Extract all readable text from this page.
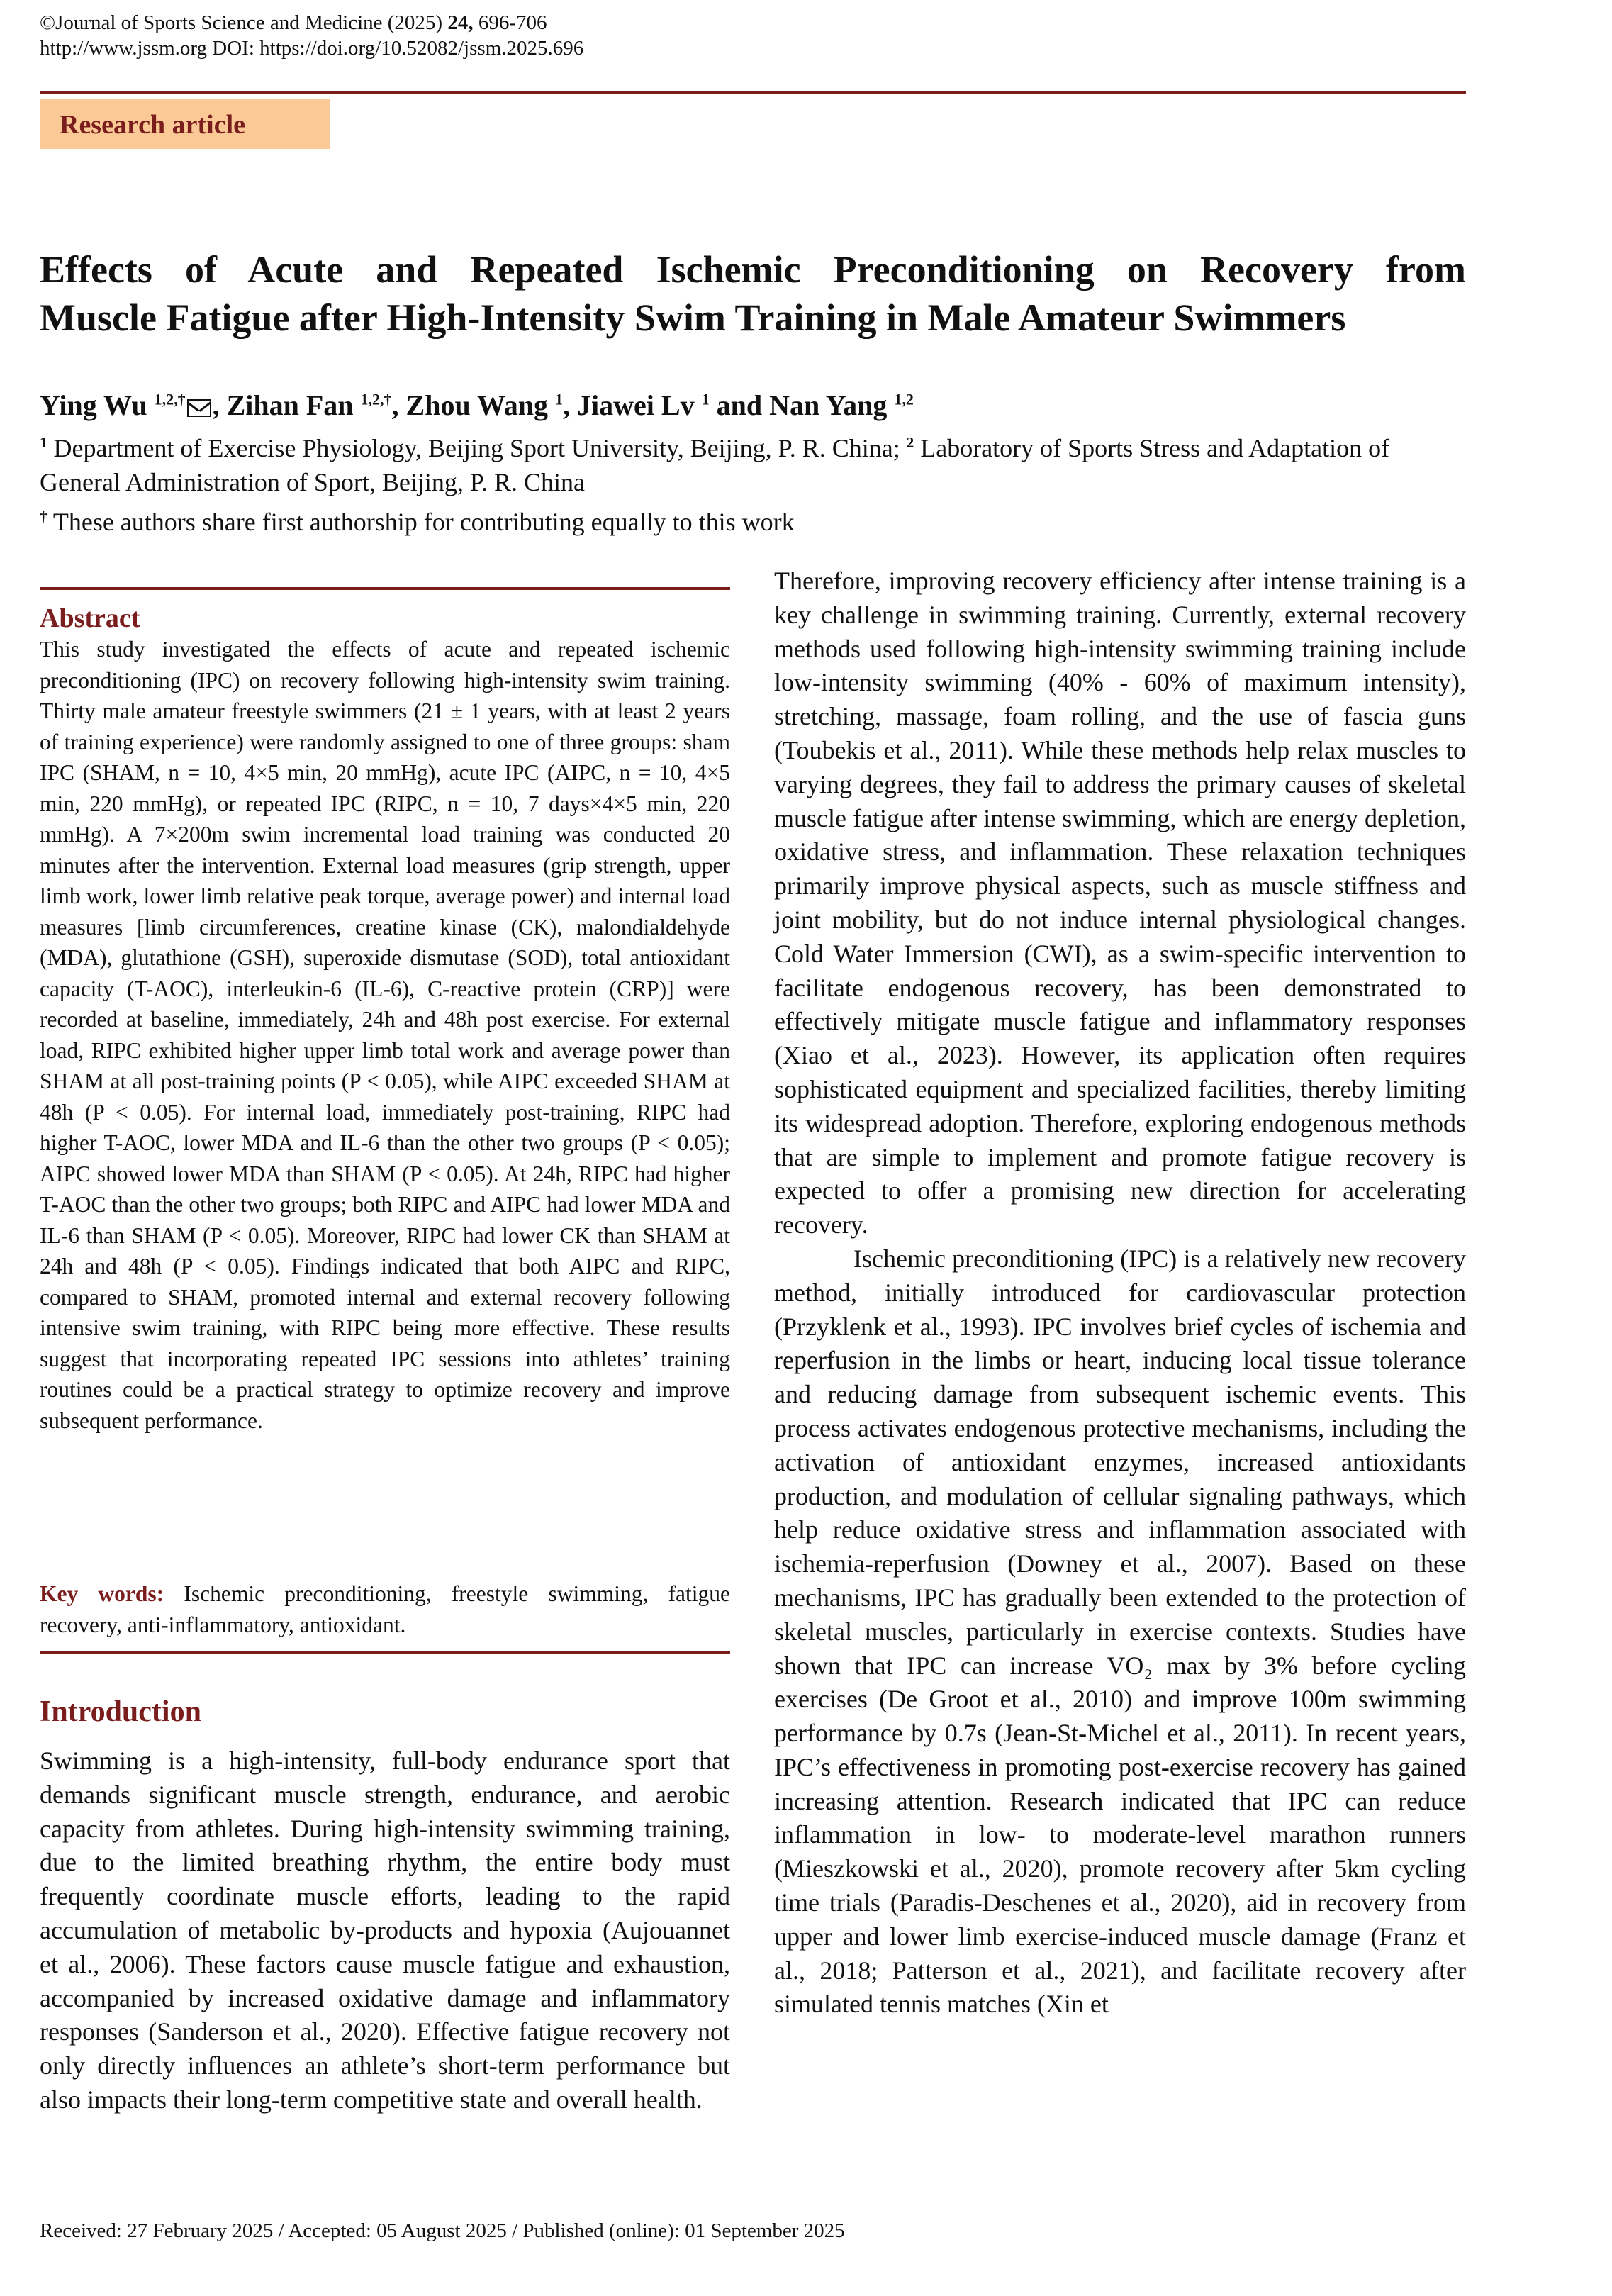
©Journal of Sports Science and Medicine (2025) 24, 696-706
http://www.jssm.org DOI: https://doi.org/10.52082/jssm.2025.696
Research article
Effects of Acute and Repeated Ischemic Preconditioning on Recovery from
Muscle Fatigue after High-Intensity Swim Training in Male Amateur Swimmers
Ying Wu $^{1,2,\dagger}$ , Zihan Fan $^{1,2,\dagger}$, Zhou Wang $^1$, Jiawei Lv $^1$ and Nan Yang $^{1,2}$
$^1$ Department of Exercise Physiology, Beijing Sport University, Beijing, P. R. China; $^2$ Laboratory of Sports Stress and Adaptation of General Administration of Sport, Beijing, P. R. China
† These authors share first authorship for contributing equally to this work
Abstract
This study investigated the effects of acute and repeated ischemic preconditioning (IPC) on recovery following high-intensity swim training. Thirty male amateur freestyle swimmers (21 ± 1 years, with at least 2 years of training experience) were randomly assigned to one of three groups: sham IPC (SHAM, n = 10, 4×5 min, 20 mmHg), acute IPC (AIPC, n = 10, 4×5 min, 220 mmHg), or repeated IPC (RIPC, n = 10, 7 days×4×5 min, 220 mmHg). A 7×200m swim incremental load training was conducted 20 minutes after the intervention. External load measures (grip strength, upper limb work, lower limb relative peak torque, average power) and internal load measures [limb circumferences, creatine kinase (CK), malondialdehyde (MDA), glutathione (GSH), superoxide dismutase (SOD), total antioxidant capacity (T-AOC), interleukin-6 (IL-6), C-reactive protein (CRP)] were recorded at baseline, immediately, 24h and 48h post exercise. For external load, RIPC exhibited higher upper limb total work and average power than SHAM at all post-training points (P < 0.05), while AIPC exceeded SHAM at 48h (P < 0.05). For internal load, immediately post-training, RIPC had higher T-AOC, lower MDA and IL-6 than the other two groups (P < 0.05); AIPC showed lower MDA than SHAM (P < 0.05). At 24h, RIPC had higher T-AOC than the other two groups; both RIPC and AIPC had lower MDA and IL-6 than SHAM (P < 0.05). Moreover, RIPC had lower CK than SHAM at 24h and 48h (P < 0.05). Findings indicated that both AIPC and RIPC, compared to SHAM, promoted internal and external recovery following intensive swim training, with RIPC being more effective. These results suggest that incorporating repeated IPC sessions into athletes’ training routines could be a practical strategy to optimize recovery and improve subsequent performance.
Key words: Ischemic preconditioning, freestyle swimming, fatigue recovery, anti-inflammatory, antioxidant.
Introduction
Swimming is a high-intensity, full-body endurance sport that demands significant muscle strength, endurance, and aerobic capacity from athletes. During high-intensity swimming training, due to the limited breathing rhythm, the entire body must frequently coordinate muscle efforts, leading to the rapid accumulation of metabolic by-products and hypoxia (Aujouannet et al., 2006). These factors cause muscle fatigue and exhaustion, accompanied by increased oxidative damage and inflammatory responses (Sanderson et al., 2020). Effective fatigue recovery not only directly influences an athlete’s short-term performance but also impacts their long-term competitive state and overall health.

Therefore, improving recovery efficiency after intense training is a key challenge in swimming training. Currently, external recovery methods used following high-intensity swimming training include low-intensity swimming (40% - 60% of maximum intensity), stretching, massage, foam rolling, and the use of fascia guns (Toubekis et al., 2011). While these methods help relax muscles to varying degrees, they fail to address the primary causes of skeletal muscle fatigue after intense swimming, which are energy depletion, oxidative stress, and inflammation. These relaxation techniques primarily improve physical aspects, such as muscle stiffness and joint mobility, but do not induce internal physiological changes. Cold Water Immersion (CWI), as a swim-specific intervention to facilitate endogenous recovery, has been demonstrated to effectively mitigate muscle fatigue and inflammatory responses (Xiao et al., 2023). However, its application often requires sophisticated equipment and specialized facilities, thereby limiting its widespread adoption. Therefore, exploring endogenous methods that are simple to implement and promote fatigue recovery is expected to offer a promising new direction for accelerating recovery.

Ischemic preconditioning (IPC) is a relatively new recovery method, initially introduced for cardiovascular protection (Przyklenk et al., 1993). IPC involves brief cycles of ischemia and reperfusion in the limbs or heart, inducing local tissue tolerance and reducing damage from subsequent ischemic events. This process activates endogenous protective mechanisms, including the activation of antioxidant enzymes, increased antioxidants production, and modulation of cellular signaling pathways, which help reduce oxidative stress and inflammation associated with ischemia-reperfusion (Downey et al., 2007). Based on these mechanisms, IPC has gradually been extended to the protection of skeletal muscles, particularly in exercise contexts. Studies have shown that IPC can increase VO₂ max by 3% before cycling exercises (De Groot et al., 2010) and improve 100m swimming performance by 0.7s (Jean-St-Michel et al., 2011). In recent years, IPC’s effectiveness in promoting post-exercise recovery has gained increasing attention. Research indicated that IPC can reduce inflammation in low- to moderate-level marathon runners (Mieszkowski et al., 2020), promote recovery after 5km cycling time trials (Paradis-Deschenes et al., 2020), aid in recovery from upper and lower limb exercise-induced muscle damage (Franz et al., 2018; Patterson et al., 2021), and facilitate recovery after simulated tennis matches (Xin et

Received: 27 February 2025 / Accepted: 05 August 2025 / Published (online): 01 September 2025
